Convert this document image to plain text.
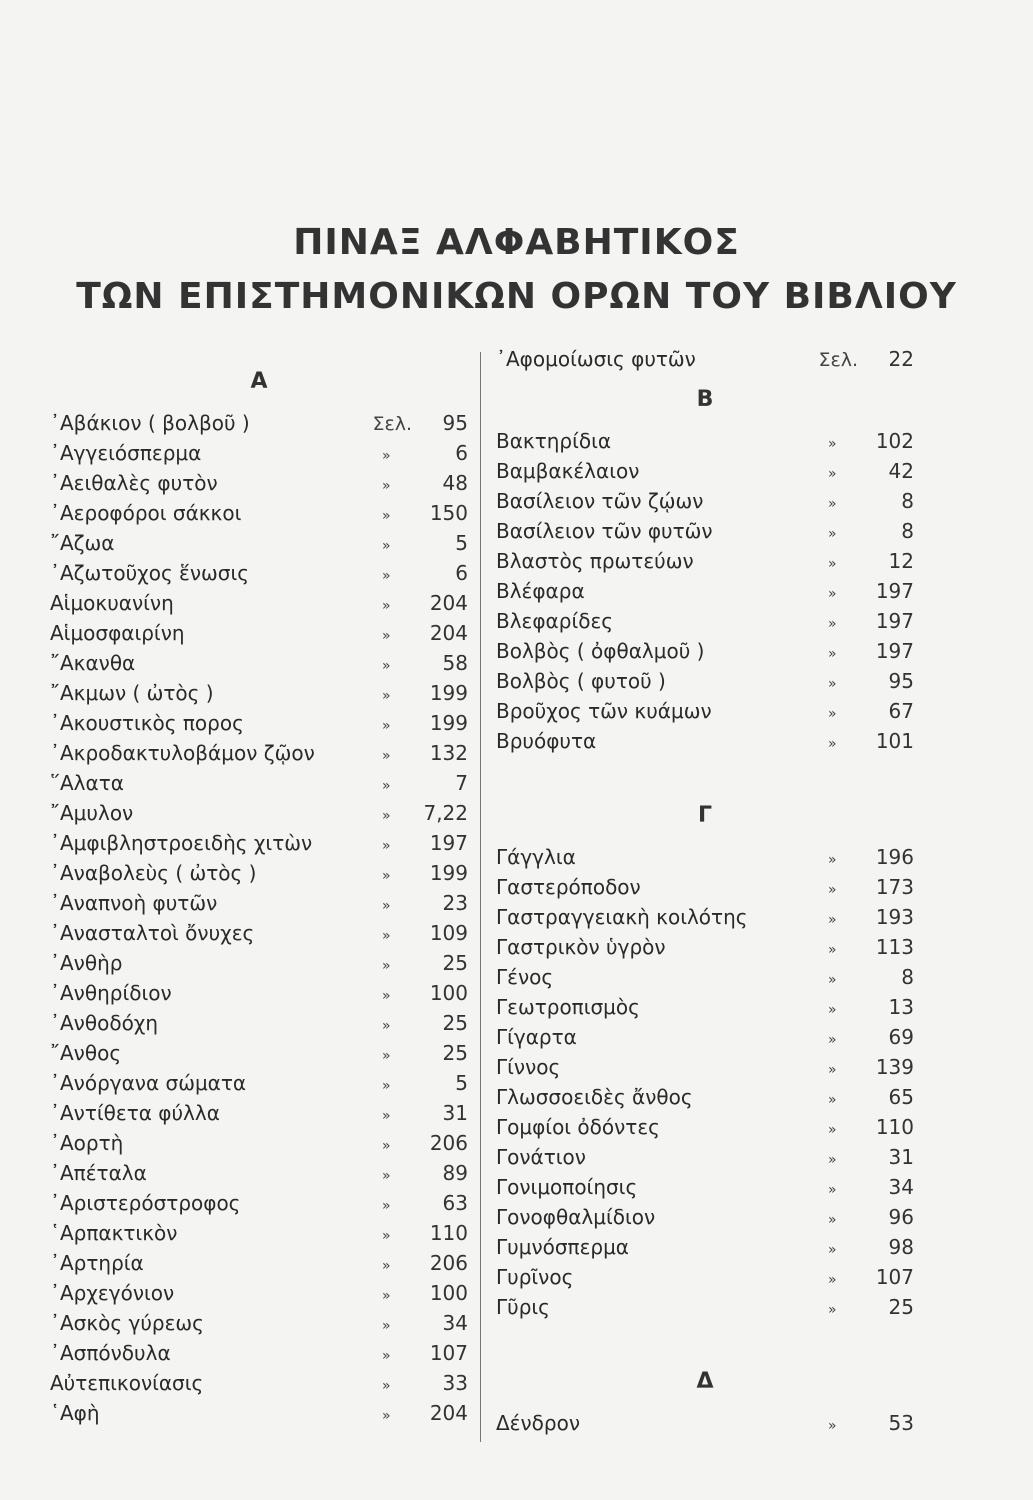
ΠΙΝΑΞ ΑΛΦΑΒΗΤΙΚΟΣ
ΤΩΝ ΕΠΙΣΤΗΜΟΝΙΚΩΝ ΟΡΩΝ ΤΟΥ ΒΙΒΛΙΟΥ
Α
᾿Αβάκιον ( βολβοῦ )	Σελ.	95
᾿Αγγειόσπερμα	»	6
᾿Αειθαλὲς φυτὸν	»	48
᾿Αεροφόροι σάκκοι	»	150
῎Αζωα	»	5
᾿Αζωτοῦχος ἕνωσις	»	6
Αἱμοκυανίνη	»	204
Αἱμοσφαιρίνη	»	204
῎Ακανθα	»	58
῎Ακμων ( ὠτὸς )	»	199
᾿Ακουστικὸς πορος	»	199
᾿Ακροδακτυλοβάμον ζῷον	»	132
῞Αλατα	»	7
῎Αμυλον	»	7,22
᾿Αμφιβληστροειδὴς χιτὼν	»	197
᾿Αναβολεὺς ( ὠτὸς )	»	199
᾿Αναπνοὴ φυτῶν	»	23
᾿Ανασταλτοὶ ὄνυχες	»	109
᾿Ανθὴρ	»	25
᾿Ανθηρίδιον	»	100
᾿Ανθοδόχη	»	25
῎Ανθος	»	25
᾿Ανόργανα σώματα	»	5
᾿Αντίθετα φύλλα	»	31
᾿Αορτὴ	»	206
᾿Απέταλα	»	89
᾿Αριστερόστροφος	»	63
῾Αρπακτικὸν	»	110
᾿Αρτηρία	»	206
᾿Αρχεγόνιον	»	100
᾿Ασκὸς γύρεως	»	34
᾿Ασπόνδυλα	»	107
Αὐτεπικονίασις	»	33
῾Αφὴ	»	204
᾿Αφομοίωσις φυτῶν	Σελ.	22
Β
Βακτηρίδια	»	102
Βαμβακέλαιον	»	42
Βασίλειον τῶν ζῴων	»	8
Βασίλειον τῶν φυτῶν	»	8
Βλαστὸς πρωτεύων	»	12
Βλέφαρα	»	197
Βλεφαρίδες	»	197
Βολβὸς ( ὀφθαλμοῦ )	»	197
Βολβὸς ( φυτοῦ )	»	95
Βροῦχος τῶν κυάμων	»	67
Βρυόφυτα	»	101
Γ
Γάγγλια	»	196
Γαστερόποδον	»	173
Γαστραγγειακὴ κοιλότης	»	193
Γαστρικὸν ὑγρὸν	»	113
Γένος	»	8
Γεωτροπισμὸς	»	13
Γίγαρτα	»	69
Γίννος	»	139
Γλωσσοειδὲς ἄνθος	»	65
Γομφίοι ὀδόντες	»	110
Γονάτιον	»	31
Γονιμοποίησις	»	34
Γονοφθαλμίδιον	»	96
Γυμνόσπερμα	»	98
Γυρῖνος	»	107
Γῦρις	»	25
Δ
Δένδρον	»	53
